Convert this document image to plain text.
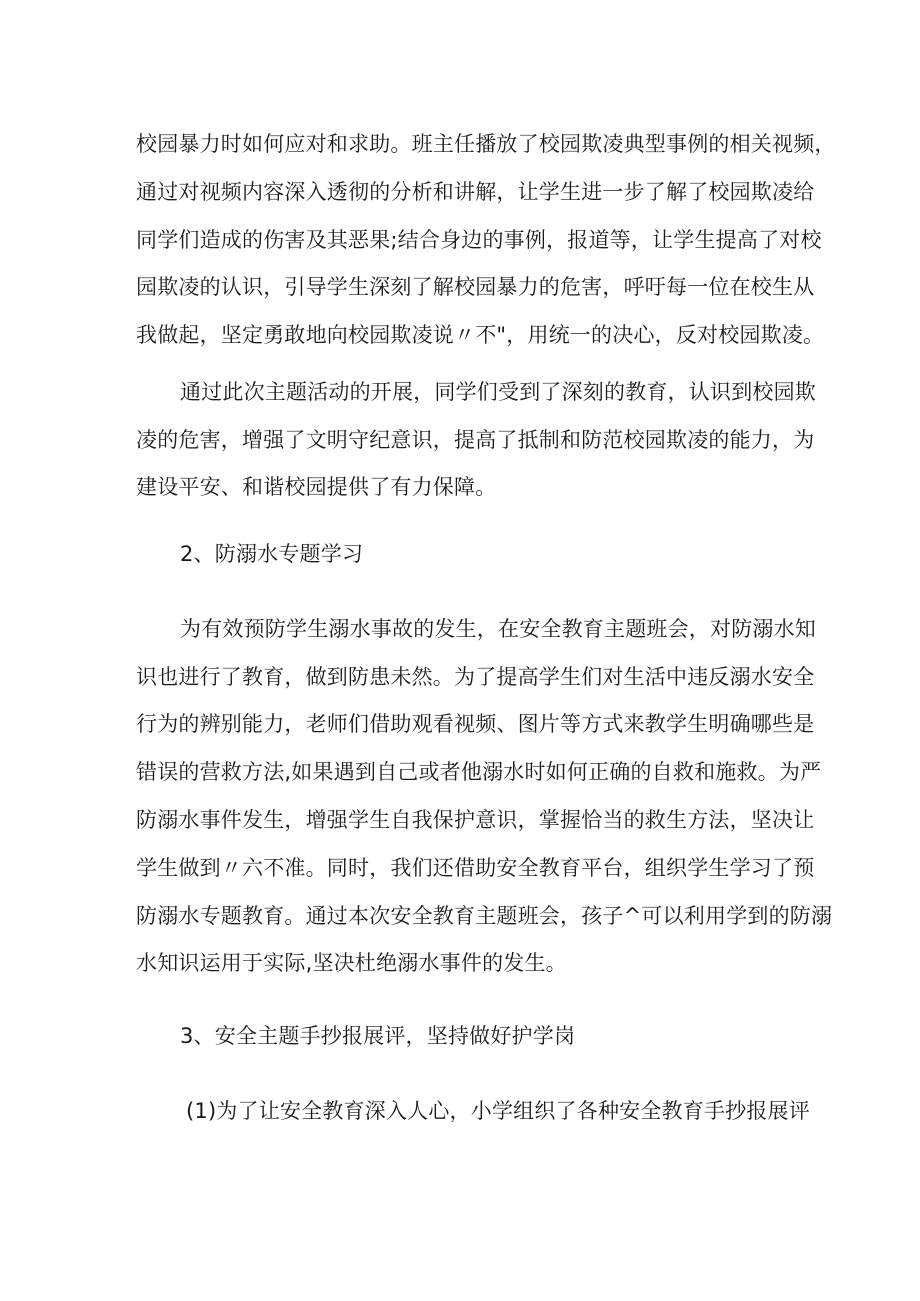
校园暴力时如何应对和求助。班主任播放了校园欺凌典型事例的相关视频，
通过对视频内容深入透彻的分析和讲解，让学生进一步了解了校园欺凌给
同学们造成的伤害及其恶果;结合身边的事例，报道等，让学生提高了对校
园欺凌的认识，引导学生深刻了解校园暴力的危害，呼吁每一位在校生从
我做起，坚定勇敢地向校园欺凌说〃不"，用统一的决心，反对校园欺凌。
通过此次主题活动的开展，同学们受到了深刻的教育，认识到校园欺
凌的危害，增强了文明守纪意识，提高了抵制和防范校园欺凌的能力，为
建设平安、和谐校园提供了有力保障。
2、防溺水专题学习
为有效预防学生溺水事故的发生，在安全教育主题班会，对防溺水知
识也进行了教育，做到防患未然。为了提高学生们对生活中违反溺水安全
行为的辨别能力，老师们借助观看视频、图片等方式来教学生明确哪些是
错误的营救方法,如果遇到自己或者他溺水时如何正确的自救和施救。为严
防溺水事件发生，增强学生自我保护意识，掌握恰当的救生方法，坚决让
学生做到〃六不准。同时，我们还借助安全教育平台，组织学生学习了预
防溺水专题教育。通过本次安全教育主题班会，孩子^可以利用学到的防溺
水知识运用于实际,坚决杜绝溺水事件的发生。
3、安全主题手抄报展评，坚持做好护学岗
(1)为了让安全教育深入人心，小学组织了各种安全教育手抄报展评
